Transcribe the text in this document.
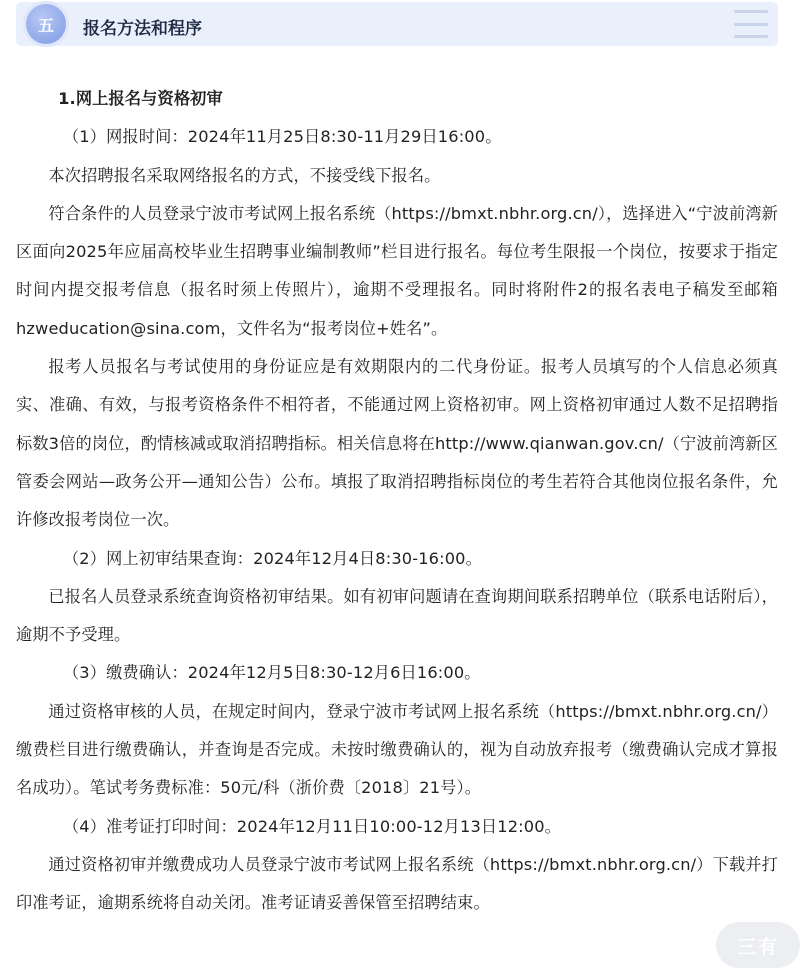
五	报名方法和程序

1.网上报名与资格初审

（1）网报时间：2024年11月25日8:30-11月29日16:00。

本次招聘报名采取网络报名的方式，不接受线下报名。

符合条件的人员登录宁波市考试网上报名系统（https://bmxt.nbhr.org.cn/），选择进入“宁波前湾新区面向2025年应届高校毕业生招聘事业编制教师”栏目进行报名。每位考生限报一个岗位，按要求于指定时间内提交报考信息（报名时须上传照片），逾期不受理报名。同时将附件2的报名表电子稿发至邮箱hzweducation@sina.com，文件名为“报考岗位+姓名”。

报考人员报名与考试使用的身份证应是有效期限内的二代身份证。报考人员填写的个人信息必须真实、准确、有效，与报考资格条件不相符者，不能通过网上资格初审。网上资格初审通过人数不足招聘指标数3倍的岗位，酌情核减或取消招聘指标。相关信息将在http://www.qianwan.gov.cn/（宁波前湾新区管委会网站—政务公开—通知公告）公布。填报了取消招聘指标岗位的考生若符合其他岗位报名条件，允许修改报考岗位一次。

（2）网上初审结果查询：2024年12月4日8:30-16:00。

已报名人员登录系统查询资格初审结果。如有初审问题请在查询期间联系招聘单位（联系电话附后），逾期不予受理。

（3）缴费确认：2024年12月5日8:30-12月6日16:00。

通过资格审核的人员，在规定时间内，登录宁波市考试网上报名系统（https://bmxt.nbhr.org.cn/）缴费栏目进行缴费确认，并查询是否完成。未按时缴费确认的，视为自动放弃报考（缴费确认完成才算报名成功）。笔试考务费标准：50元/科（浙价费〔2018〕21号）。

（4）准考证打印时间：2024年12月11日10:00-12月13日12:00。

通过资格初审并缴费成功人员登录宁波市考试网上报名系统（https://bmxt.nbhr.org.cn/）下载并打印准考证，逾期系统将自动关闭。准考证请妥善保管至招聘结束。

三有
